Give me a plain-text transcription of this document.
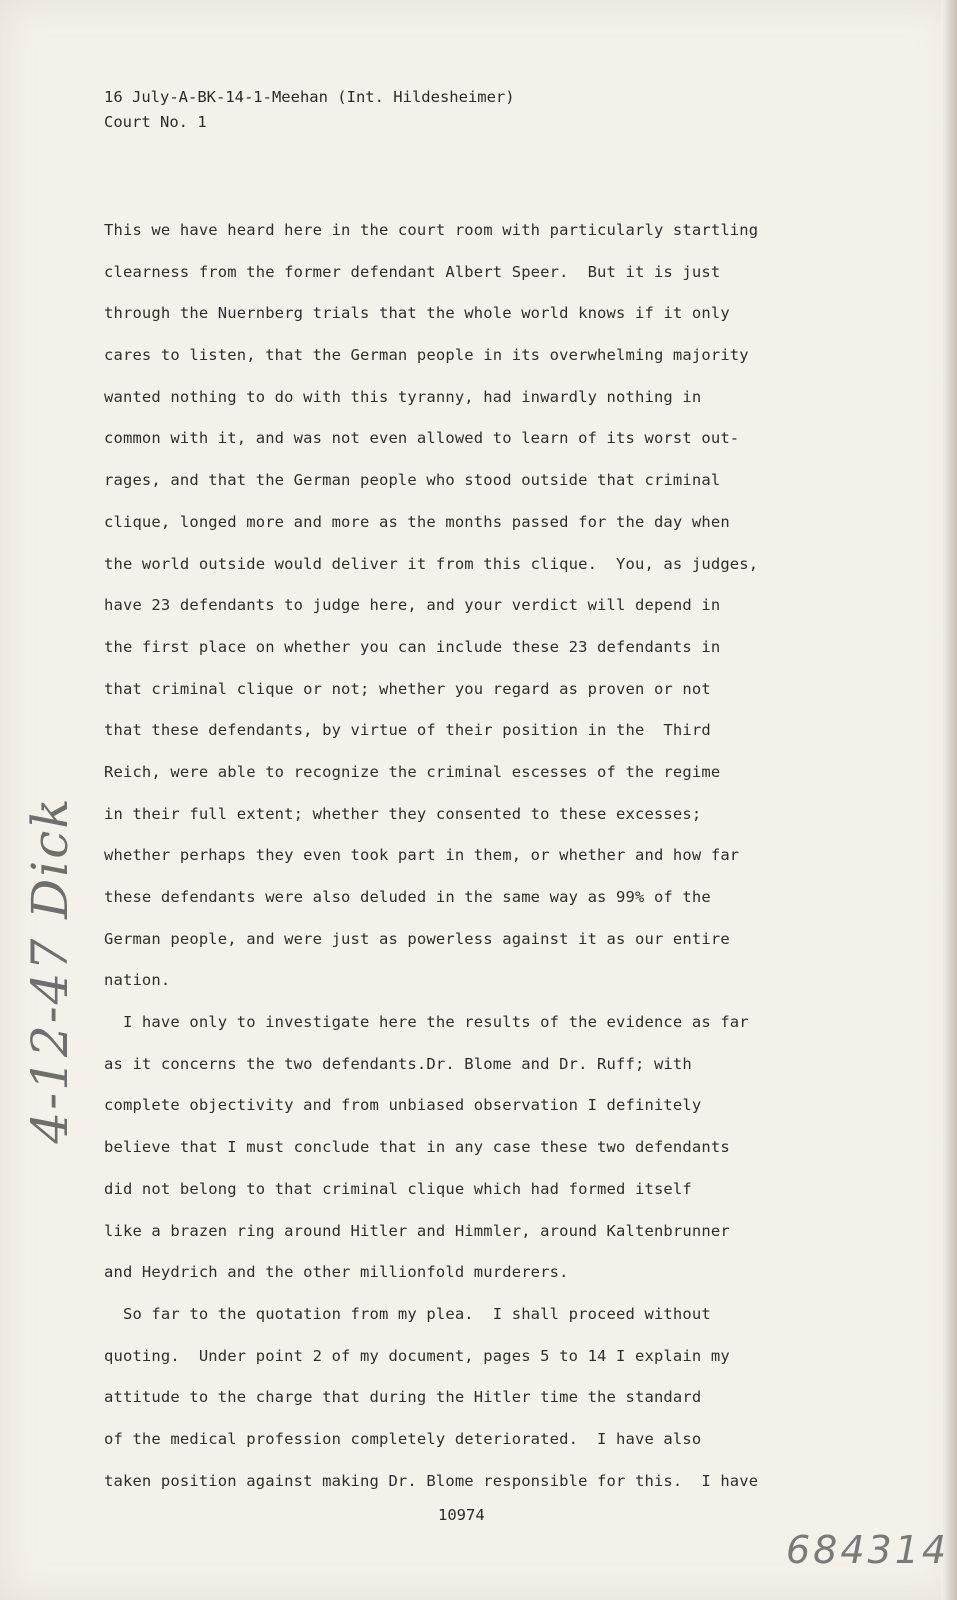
16 July-A-BK-14-1-Meehan (Int. Hildesheimer)
Court No. 1
This we have heard here in the court room with particularly startling
clearness from the former defendant Albert Speer.  But it is just
through the Nuernberg trials that the whole world knows if it only
cares to listen, that the German people in its overwhelming majority
wanted nothing to do with this tyranny, had inwardly nothing in
common with it, and was not even allowed to learn of its worst out-
rages, and that the German people who stood outside that criminal
clique, longed more and more as the months passed for the day when
the world outside would deliver it from this clique.  You, as judges,
have 23 defendants to judge here, and your verdict will depend in
the first place on whether you can include these 23 defendants in
that criminal clique or not; whether you regard as proven or not
that these defendants, by virtue of their position in the  Third
Reich, were able to recognize the criminal escesses of the regime
in their full extent; whether they consented to these excesses;
whether perhaps they even took part in them, or whether and how far
these defendants were also deluded in the same way as 99% of the
German people, and were just as powerless against it as our entire
nation.
I have only to investigate here the results of the evidence as far
as it concerns the two defendants.Dr. Blome and Dr. Ruff; with
complete objectivity and from unbiased observation I definitely
believe that I must conclude that in any case these two defendants
did not belong to that criminal clique which had formed itself
like a brazen ring around Hitler and Himmler, around Kaltenbrunner
and Heydrich and the other millionfold murderers.
So far to the quotation from my plea.  I shall proceed without
quoting.  Under point 2 of my document, pages 5 to 14 I explain my
attitude to the charge that during the Hitler time the standard
of the medical profession completely deteriorated.  I have also
taken position against making Dr. Blome responsible for this.  I have
4-12-47 Dick
10974
684314
